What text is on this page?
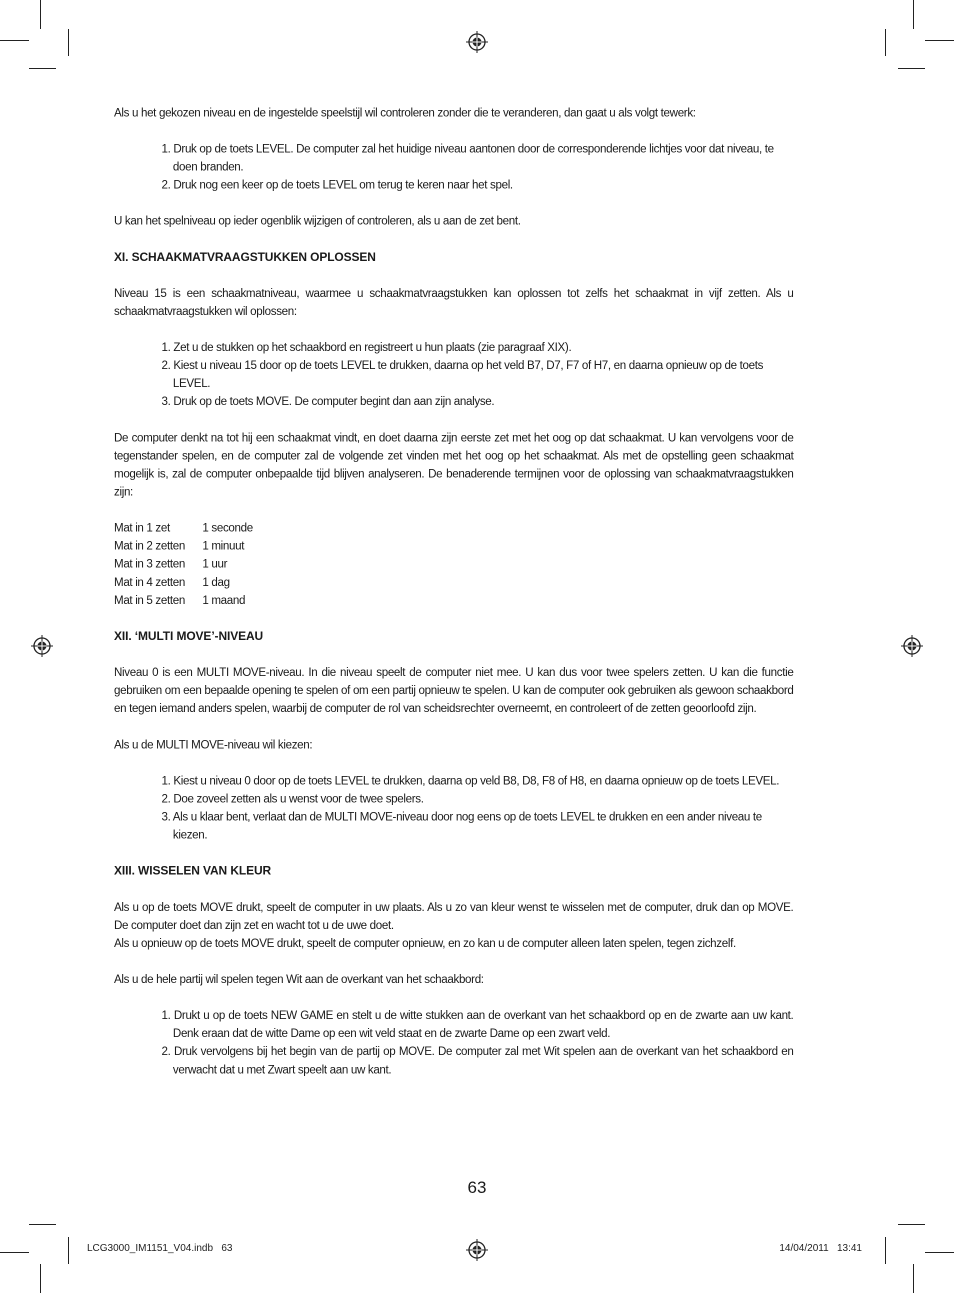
Als u het gekozen niveau en de ingestelde speelstijl wil controleren zonder die te veranderen, dan gaat u als volgt tewerk:

1. Druk op de toets LEVEL. De computer zal het huidige niveau aantonen door de corresponderende lichtjes voor dat niveau, te doen branden.
2. Druk nog een keer op de toets LEVEL om terug te keren naar het spel.

U kan het spelniveau op ieder ogenblik wijzigen of controleren, als u aan de zet bent.

XI. SCHAAKMATVRAAGSTUKKEN OPLOSSEN

Niveau 15 is een schaakmatniveau, waarmee u schaakmatvraagstukken kan oplossen tot zelfs het schaakmat in vijf zetten. Als u schaakmatvraagstukken wil oplossen:

1. Zet u de stukken op het schaakbord en registreert u hun plaats (zie paragraaf XIX).
2. Kiest u niveau 15 door op de toets LEVEL te drukken, daarna op het veld B7, D7, F7 of H7, en daarna opnieuw op de toets LEVEL.
3. Druk op de toets MOVE. De computer begint dan aan zijn analyse.

De computer denkt na tot hij een schaakmat vindt, en doet daarna zijn eerste zet met het oog op dat schaakmat. U kan vervolgens voor de tegenstander spelen, en de computer zal de volgende zet vinden met het oog op het schaakmat. Als met de opstelling geen schaakmat mogelijk is, zal de computer onbepaalde tijd blijven analyseren. De benaderende termijnen voor de oplossing van schaakmatvraagstukken zijn:

Mat in 1 zet	1 seconde
Mat in 2 zetten	1 minuut
Mat in 3 zetten	1 uur
Mat in 4 zetten	1 dag
Mat in 5 zetten	1 maand

XII. ‘MULTI MOVE’-NIVEAU

Niveau 0 is een MULTI MOVE-niveau. In die niveau speelt de computer niet mee. U kan dus voor twee spelers zetten. U kan die functie gebruiken om een bepaalde opening te spelen of om een partij opnieuw te spelen. U kan de computer ook gebruiken als gewoon schaakbord en tegen iemand anders spelen, waarbij de computer de rol van scheidsrechter overneemt, en controleert of de zetten geoorloofd zijn.

Als u de MULTI MOVE-niveau wil kiezen:

1. Kiest u niveau 0 door op de toets LEVEL te drukken, daarna op veld B8, D8, F8 of H8, en daarna opnieuw op de toets LEVEL.
2. Doe zoveel zetten als u wenst voor de twee spelers.
3. Als u klaar bent, verlaat dan de MULTI MOVE-niveau door nog eens op de toets LEVEL te drukken en een ander niveau te kiezen.

XIII. WISSELEN VAN KLEUR

Als u op de toets MOVE drukt, speelt de computer in uw plaats. Als u zo van kleur wenst te wisselen met de computer, druk dan op MOVE. De computer doet dan zijn zet en wacht tot u de uwe doet.

Als u opnieuw op de toets MOVE drukt, speelt de computer opnieuw, en zo kan u de computer alleen laten spelen, tegen zichzelf.

Als u de hele partij wil spelen tegen Wit aan de overkant van het schaakbord:

1. Drukt u op de toets NEW GAME en stelt u de witte stukken aan de overkant van het schaakbord op en de zwarte aan uw kant. Denk eraan dat de witte Dame op een wit veld staat en de zwarte Dame op een zwart veld.
2. Druk vervolgens bij het begin van de partij op MOVE. De computer zal met Wit spelen aan de overkant van het schaakbord en verwacht dat u met Zwart speelt aan uw kant.
63
LCG3000_IM1151_V04.indb   63	14/04/2011   13:41
